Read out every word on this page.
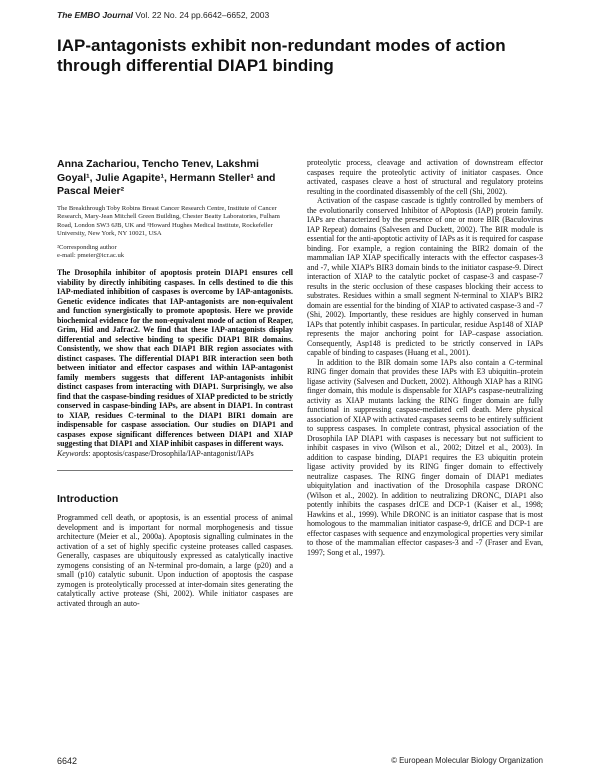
The EMBO Journal Vol. 22 No. 24 pp.6642–6652, 2003
IAP-antagonists exhibit non-redundant modes of action through differential DIAP1 binding

Anna Zachariou, Tencho Tenev, Lakshmi Goyal¹, Julie Agapite¹, Hermann Steller¹ and Pascal Meier²

The Breakthrough Toby Robins Breast Cancer Research Centre, Institute of Cancer Research, Mary-Jean Mitchell Green Building, Chester Beatty Laboratories, Fulham Road, London SW3 6JB, UK and ¹Howard Hughes Medical Institute, Rockefeller University, New York, NY 10021, USA

²Corresponding author
e-mail: pmeier@icr.ac.uk

The Drosophila inhibitor of apoptosis protein DIAP1 ensures cell viability by directly inhibiting caspases. In cells destined to die this IAP-mediated inhibition of caspases is overcome by IAP-antagonists. Genetic evidence indicates that IAP-antagonists are non-equivalent and function synergistically to promote apoptosis. Here we provide biochemical evidence for the non-equivalent mode of action of Reaper, Grim, Hid and Jafrac2. We find that these IAP-antagonists display differential and selective binding to specific DIAP1 BIR domains. Consistently, we show that each DIAP1 BIR region associates with distinct caspases. The differential DIAP1 BIR interaction seen both between initiator and effector caspases and within IAP-antagonist family members suggests that different IAP-antagonists inhibit distinct caspases from interacting with DIAP1. Surprisingly, we also find that the caspase-binding residues of XIAP predicted to be strictly conserved in caspase-binding IAPs, are absent in DIAP1. In contrast to XIAP, residues C-terminal to the DIAP1 BIR1 domain are indispensable for caspase association. Our studies on DIAP1 and caspases expose significant differences between DIAP1 and XIAP suggesting that DIAP1 and XIAP inhibit caspases in different ways.

Keywords: apoptosis/caspase/Drosophila/IAP-antagonist/IAPs

Introduction

Programmed cell death, or apoptosis, is an essential process of animal development and is important for normal morphogenesis and tissue architecture (Meier et al., 2000a). Apoptosis signalling culminates in the activation of a set of highly specific cysteine proteases called caspases. Generally, caspases are ubiquitously expressed as catalytically inactive zymogens consisting of an N-terminal pro-domain, a large (p20) and a small (p10) catalytic subunit. Upon induction of apoptosis the caspase zymogen is proteolytically processed at inter-domain sites generating the catalytically active protease (Shi, 2002). While initiator caspases are activated through an auto-

proteolytic process, cleavage and activation of downstream effector caspases require the proteolytic activity of initiator caspases. Once activated, caspases cleave a host of structural and regulatory proteins resulting in the coordinated disassembly of the cell (Shi, 2002).

Activation of the caspase cascade is tightly controlled by members of the evolutionarily conserved Inhibitor of APoptosis (IAP) protein family. IAPs are characterized by the presence of one or more BIR (Baculovirus IAP Repeat) domains (Salvesen and Duckett, 2002). The BIR module is essential for the anti-apoptotic activity of IAPs as it is required for caspase binding. For example, a region containing the BIR2 domain of the mammalian IAP XIAP specifically interacts with the effector caspases-3 and -7, while XIAP's BIR3 domain binds to the initiator caspase-9. Direct interaction of XIAP to the catalytic pocket of caspase-3 and caspase-7 results in the steric occlusion of these caspases blocking their access to substrates. Residues within a small segment N-terminal to XIAP's BIR2 domain are essential for the binding of XIAP to activated caspase-3 and -7 (Shi, 2002). Importantly, these residues are highly conserved in human IAPs that potently inhibit caspases. In particular, residue Asp148 of XIAP represents the major anchoring point for IAP–caspase association. Consequently, Asp148 is predicted to be strictly conserved in IAPs capable of binding to caspases (Huang et al., 2001).

In addition to the BIR domain some IAPs also contain a C-terminal RING finger domain that provides these IAPs with E3 ubiquitin–protein ligase activity (Salvesen and Duckett, 2002). Although XIAP has a RING finger domain, this module is dispensable for XIAP's caspase-neutralizing activity as XIAP mutants lacking the RING finger domain are fully functional in suppressing caspase-mediated cell death. Mere physical association of XIAP with activated caspases seems to be entirely sufficient to suppress caspases. In complete contrast, physical association of the Drosophila IAP DIAP1 with caspases is necessary but not sufficient to inhibit caspases in vivo (Wilson et al., 2002; Ditzel et al., 2003). In addition to caspase binding, DIAP1 requires the E3 ubiquitin protein ligase activity provided by its RING finger domain to effectively neutralize caspases. The RING finger domain of DIAP1 mediates ubiquitylation and inactivation of the Drosophila caspase DRONC (Wilson et al., 2002). In addition to neutralizing DRONC, DIAP1 also potently inhibits the caspases drICE and DCP-1 (Kaiser et al., 1998; Hawkins et al., 1999). While DRONC is an initiator caspase that is most homologous to the mammalian initiator caspase-9, drICE and DCP-1 are effector caspases with sequence and enzymological properties very similar to those of the mammalian effector caspases-3 and -7 (Fraser and Evan, 1997; Song et al., 1997).

6642	© European Molecular Biology Organization
